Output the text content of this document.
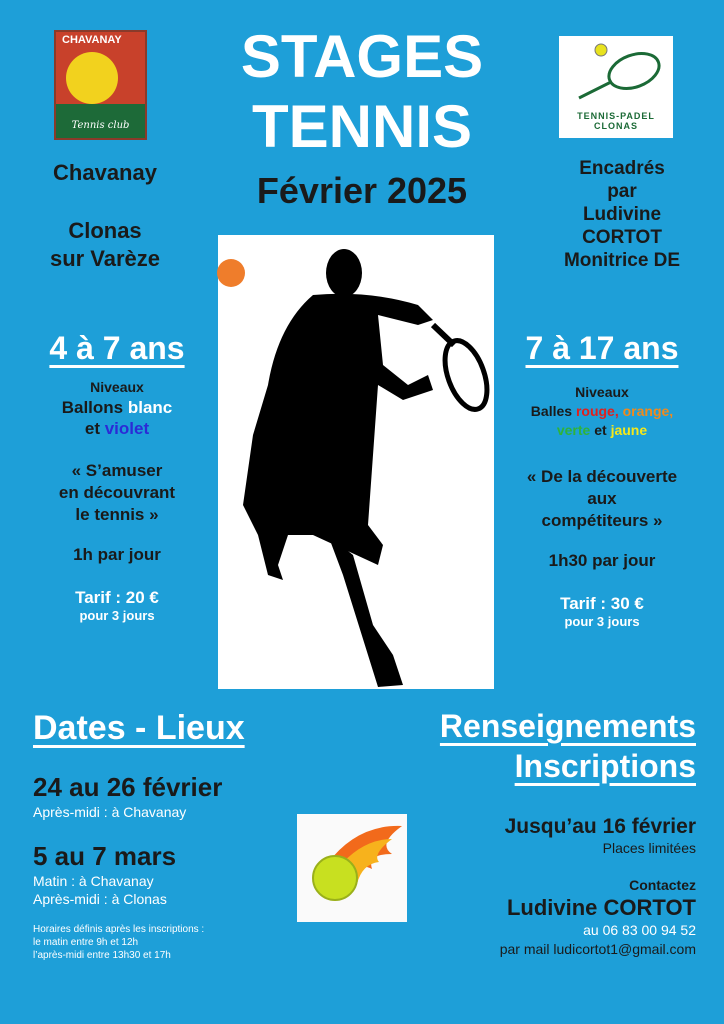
CHAVANAY
Tennis club
TENNIS-PADEL
CLONAS
STAGES
TENNIS
Février 2025
Chavanay
Clonas
sur Varèze
Encadrés
par
Ludivine
CORTOT
Monitrice DE
4 à 7 ans
Niveaux
Ballons blanc
et violet
« S’amuser
en découvrant
le tennis »
1h par jour
Tarif : 20 €
pour 3 jours
7 à 17 ans
Niveaux
Balles rouge, orange,
verte et jaune
« De la découverte
aux
compétiteurs »
1h30 par jour
Tarif : 30 €
pour 3 jours
Dates - Lieux
24 au 26 février
Après-midi : à Chavanay
5 au 7 mars
Matin : à Chavanay
Après-midi : à Clonas
Horaires définis après les inscriptions :
le matin entre 9h et 12h
l’après-midi entre 13h30 et 17h
Renseignements
Inscriptions
Jusqu’au 16 février
Places limitées
Contactez
Ludivine CORTOT
au 06 83 00 94 52
par mail ludicortot1@gmail.com
